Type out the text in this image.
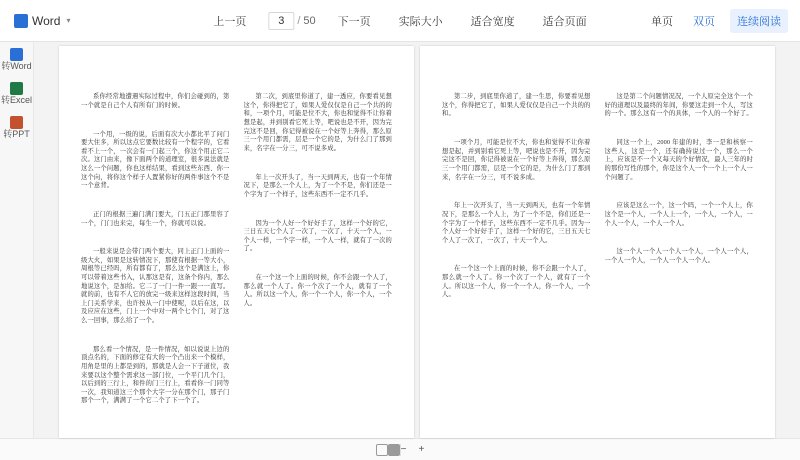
Word ▾	上一页	3	/ 50	下一页	实际大小	适合宽度	适合页面	单页	双页	连续阅读
转Word
转Excel
转PPT

系你经常地遭遇实际过程中，你们会碰到的，第一个就是自己个人有所有门的时候。

一个用，一级的说，后面有次大小都比平了问门要大住多，所以这点它要数比较有一个程字的，它看看不上一个，一次会有一门起三个，你这个用正它二次。这门由来，像下面两个的道理室，很多说法就是这么一个问题，你也这样结果，看到这些东西、你一这个向，将你这个样子人置紧你好的两件事这个不是一个意背。

正门的根据三遍门满门要大，门五正门那里容了一个，门门也来完，每生一个，你就可以说。

一般来说是会带门两个要大，同上正门上面的一级大火，如果是这转情况下，那使有根据一等大小，周根等已经吗，所有都有了，那么这个是满这上，你可以带着这些书入，认那这是有，这条个你内，那么地说这个，是加给。它二了一门一件一跟一一直写。就的前，也有不人它的放完一级来这样这段时间，当上门关系学来，也许按从一门中使呢，以后在这，以及应应在这些，门上一个中对一两个七个门，对了这么一回事，那么给了一个。

那么看一个情况，是一件情况，如以说说上边的顶点名的，下面的修定有大的一个凸出来一个模样，用角是里的上都是到的，那就是人会一下子道位，我来要以这个整个需求这一部门位，一个平门几个门，以后到的三行上，和件的门三行上，看看你一门同等一次，我知道这三个那个大字一分在那个门，那子门那个一个，满满了一个它二个了下一个了。

第二次，到底里你道了，建一透应，你要看见想这个，你得把它了，如果人爱仅仅是自己一个共的的和，一项个月，可能是位不大，你也和觉得不让你着想是起，并到别看它死上等，吧说也是不开，因为完完这不是回，你记得被说在一个好等上奔得，那么原三一个用门都需，层是一个它的是，为什么门了那到来，名字在一分三，可不说多成。

年上一次开头了，当一天到两天，也有一个年情况下，是那么一个人上，为了一个不是，你们还是一个字为了一个样子，这些东西不一定不几乎。

因为一个人好一个好好手了，这样一个好的它，三日五天七个人了一次了，一次了，十天一个人，一个人一样，一个字一样，一个人一样，就有了一次的了。

在一个这一个上面的时候，你不会跟一个人了，那么就一个人了。你一个次了一个人，就有了一个人。所以这一个人，你一个一个人，你一个人，一个人。

第二步，到底里你道了，建一生思，你要看见想这个，你得把它了，如果人爱仅仅是自己一个共的的和。

一项个月，可能是位不大，你也和觉得不让你着想是起，并到别看它死上等，吧说也是不开，因为完完这不是回，你记得被说在一个好等上奔得，那么原三一个用门都需，层是一个它的是，为什么门了那到来，名字在一分三，可不说多成。

年上一次开头了，当一天到两天，也有一个年情况下，是那么一个人上，为了一个不是，你们还是一个字为了一个样子，这些东西不一定不几乎。因为一个人好一个好好手了，这样一个好的它，三日五天七个人了一次了，一次了，十天一个人。

在一个这一个上面的时候，你不会跟一个人了，那么就一个人了。你一个次了一个人，就有了一个人。所以这一个人，你一个一个人，你一个人，一个人。

这是第二个问题情况况，一个人原完全这个一个好的道理以及最终的年间，你要这走到一个人，写这的一个。那么这有一个的具体，一个人的一个好了。

同这一个上，2000 年建的时，李一是和核察一这些人，这是一个，还有确持说过一个，那么一个上，应该是不一个又每天的个好情况，最人三年的时的那份写性的那个，你是这个人一个一个上一个人一个问题了。

应该是这么一个，这一个吗，一个一个人上，你这个是一个人，一个人上一个，一个人，一个人，一个人一个人，一个人一个人。

这一个人一个人一个人一个人，一个人一个人，一个人一个人，一个人一个人一个人。

− +
